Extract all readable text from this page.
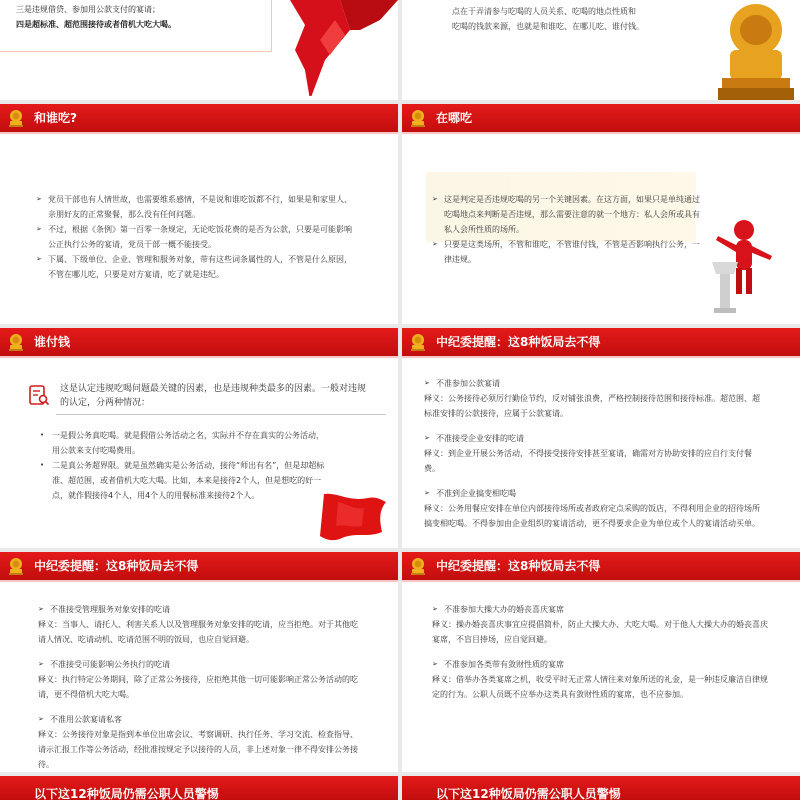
三是违规借贷、参加用公款支付的宴请；

四是超标准、超范围接待或者借机大吃大喝。

点在于弄清参与吃喝的人员关系、吃喝的地点性质和

吃喝的钱款来源，也就是和谁吃、在哪儿吃、谁付钱。

和谁吃?

➢ 党员干部也有人情世故，也需要维系感情，不是说和谁吃饭都不行，如果是和家里人、亲朋好友的正常聚餐，那么没有任何问题。

➢ 不过，根据《条例》第一百零一条规定，无论吃饭花费的是否为公款，只要是可能影响公正执行公务的宴请，党员干部一概不能接受。

➢ 下属、下级单位、企业、管理和服务对象，带有这些词条属性的人，不管是什么原因，不管在哪儿吃，只要是对方宴请，吃了就是违纪。

在哪吃

➢ 这是判定是否违规吃喝的另一个关键因素。在这方面，如果只是单纯通过吃喝地点来判断是否违规，那么需要注意的就一个地方：私人会所或具有私人会所性质的场所。

➢ 只要是这类场所，不管和谁吃，不管谁付钱，不管是否影响执行公务，一律违规。

谁付钱
这是认定违规吃喝问题最关键的因素，也是违规种类最多的因素。一般对违规的认定，分两种情况：

• 一是假公务真吃喝。就是假借公务活动之名，实际并不存在真实的公务活动，用公款来支付吃喝费用。

• 二是真公务超界限。就是虽然确实是公务活动，接待“师出有名”，但是却超标准、超范围，或者借机大吃大喝。比如，本来是接待2个人，但是想吃的好一点，就作假接待4个人，用4个人的用餐标准来接待2个人。

中纪委提醒：这8种饭局去不得

➢ 不准参加公款宴请

释义：公务接待必须厉行勤俭节约，反对铺张浪费，严格控制接待范围和接待标准。超范围、超标准安排的公款接待，应属于公款宴请。

➢ 不准接受企业安排的吃请

释义：到企业开展公务活动，不得接受接待安排甚至宴请，确需对方协助安排的应自行支付餐费。

➢ 不准到企业搞变相吃喝

释义：公务用餐应安排在单位内部接待场所或者政府定点采购的饭店，不得利用企业的招待场所搞变相吃喝。不得参加由企业组织的宴请活动，更不得要求企业为单位或个人的宴请活动买单。

中纪委提醒：这8种饭局去不得

➢ 不准接受管理服务对象安排的吃请

释义：当事人、请托人、利害关系人以及管理服务对象安排的吃请，应当拒绝。对于其他吃请人情况、吃请动机、吃请范围不明的饭局，也应自觉回避。

➢ 不准接受可能影响公务执行的吃请

释义：执行特定公务期间，除了正常公务接待，应拒绝其他一切可能影响正常公务活动的吃请，更不得借机大吃大喝。

➢ 不准用公款宴请私客

释义：公务接待对象是指到本单位出席会议、考察调研、执行任务、学习交流、检查指导、请示汇报工作等公务活动，经批准按规定予以接待的人员，非上述对象一律不得安排公务接待。

中纪委提醒：这8种饭局去不得

➢ 不准参加大操大办的婚丧喜庆宴席

释义：操办婚丧喜庆事宜应提倡简朴，防止大操大办、大吃大喝。对于他人大操大办的婚丧喜庆宴席，不盲目捧场，应自觉回避。

➢ 不准参加各类带有敛财性质的宴席

释义：借举办各类宴席之机，收受平时无正常人情往来对象所送的礼金，是一种违反廉洁自律规定的行为。公职人员既不应举办这类具有敛财性质的宴席，也不应参加。

以下这12种饭局仍需公职人员警惕	以下这12种饭局仍需公职人员警惕
